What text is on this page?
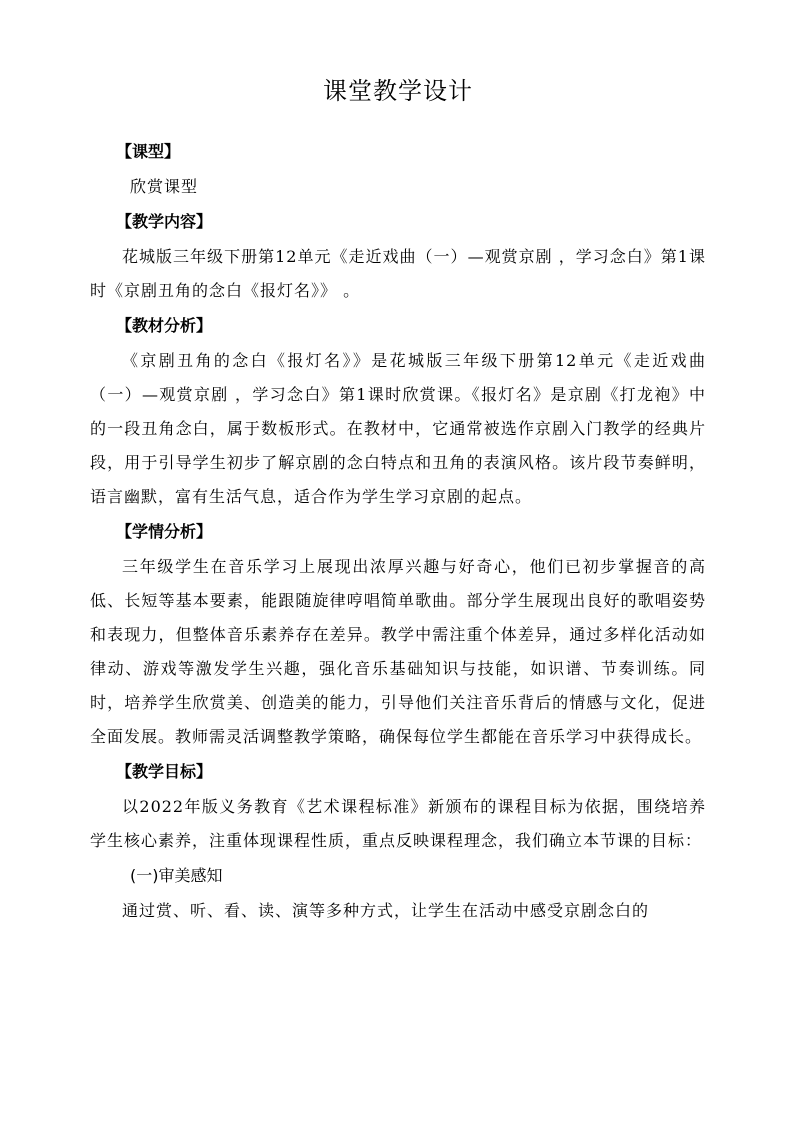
课堂教学设计
【课型】

欣赏课型

【教学内容】

花城版三年级下册第12单元《走近戏曲（一）—观赏京剧 ，学习念白》第1课时《京剧丑角的念白《报灯名》》 。

【教材分析】

《京剧丑角的念白《报灯名》》是花城版三年级下册第12单元《走近戏曲（一）—观赏京剧 ，学习念白》第1课时欣赏课。《报灯名》是京剧《打龙袍》中的一段丑角念白，属于数板形式。在教材中，它通常被选作京剧入门教学的经典片段，用于引导学生初步了解京剧的念白特点和丑角的表演风格。该片段节奏鲜明，语言幽默，富有生活气息，适合作为学生学习京剧的起点。

【学情分析】

三年级学生在音乐学习上展现出浓厚兴趣与好奇心，他们已初步掌握音的高低、长短等基本要素，能跟随旋律哼唱简单歌曲。部分学生展现出良好的歌唱姿势和表现力，但整体音乐素养存在差异。教学中需注重个体差异，通过多样化活动如律动、游戏等激发学生兴趣，强化音乐基础知识与技能，如识谱、节奏训练。同时，培养学生欣赏美、创造美的能力，引导他们关注音乐背后的情感与文化，促进全面发展。教师需灵活调整教学策略，确保每位学生都能在音乐学习中获得成长。

【教学目标】

以2022年版义务教育《艺术课程标准》新颁布的课程目标为依据，围绕培养学生核心素养，注重体现课程性质，重点反映课程理念，我们确立本节课的目标：

(一)审美感知

通过赏、听、看、读、演等多种方式，让学生在活动中感受京剧念白的
